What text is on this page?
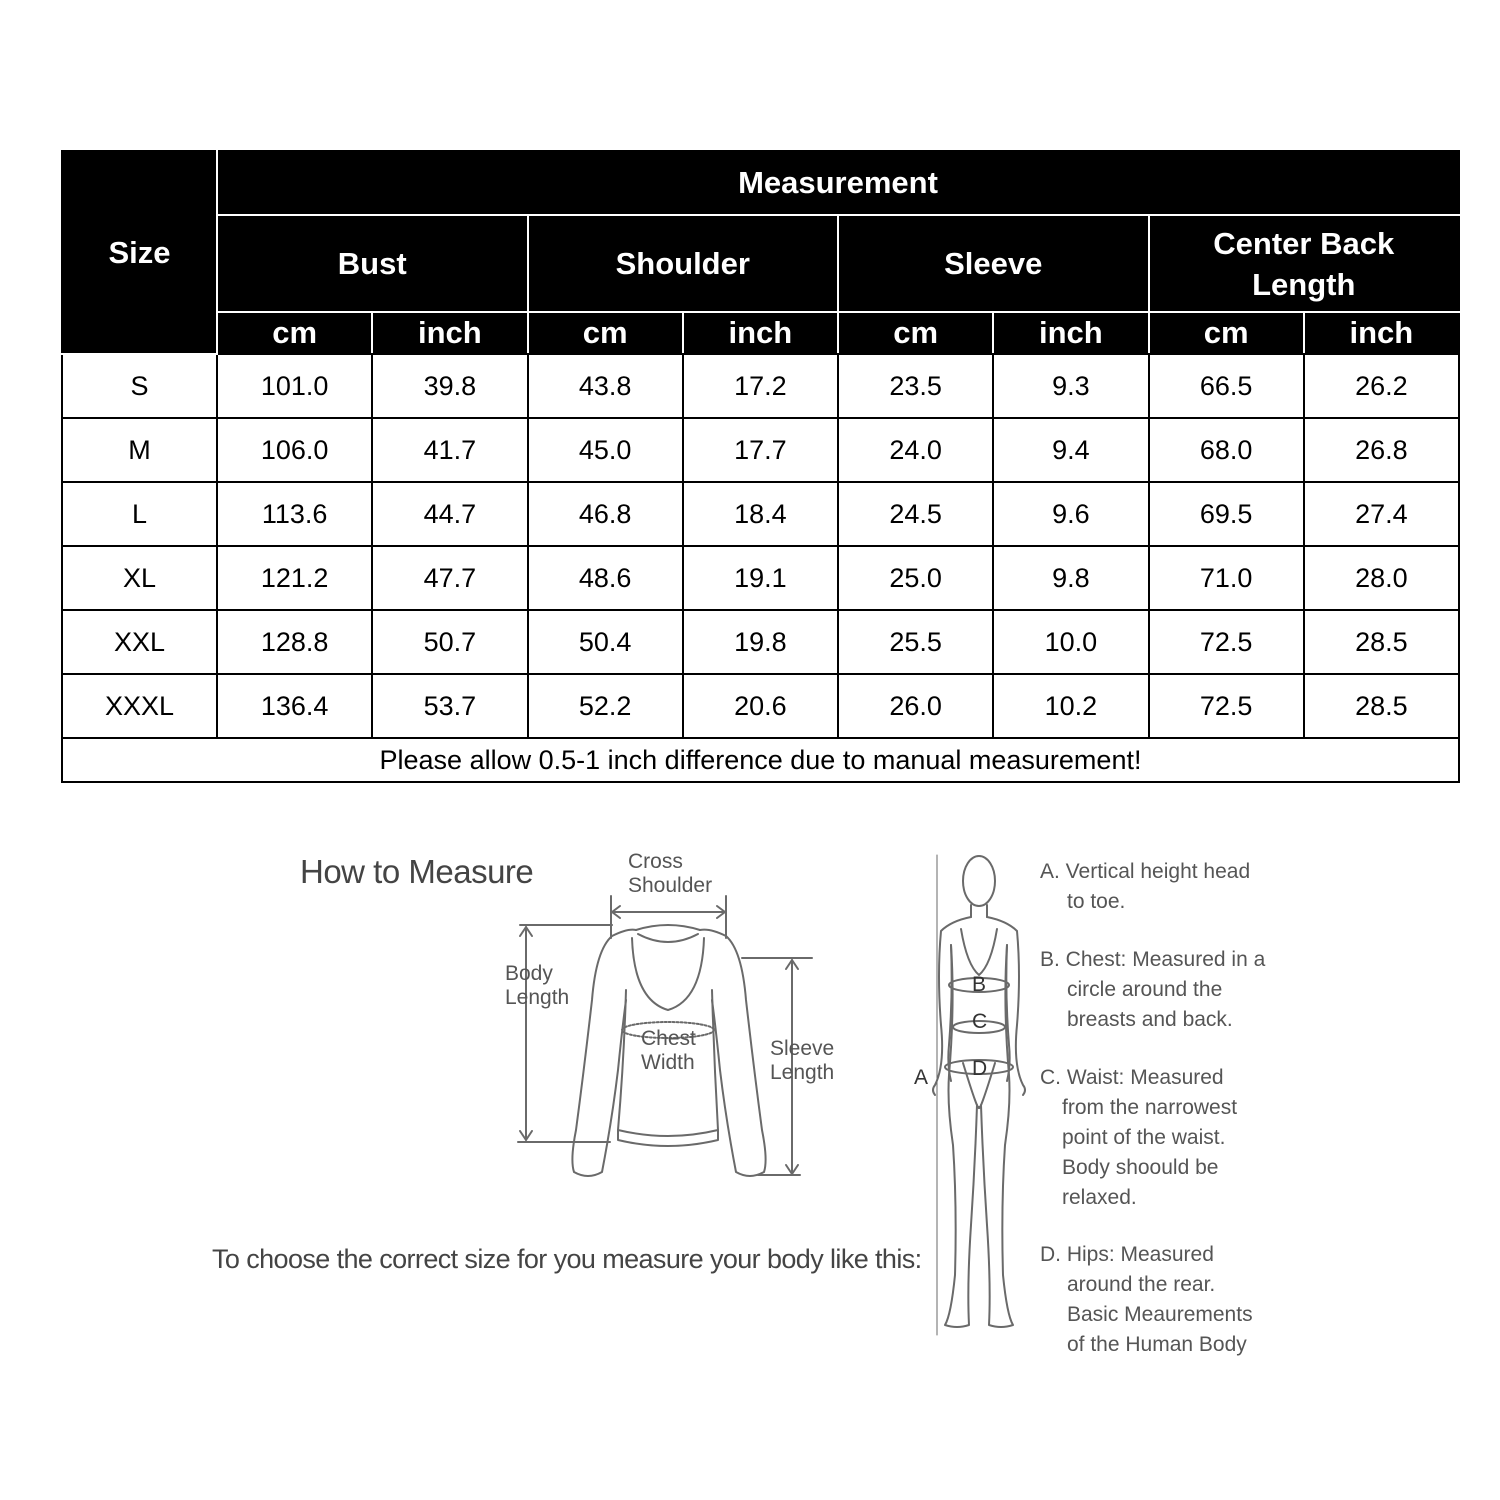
Size	Measurement							
	Bust		Shoulder		Sleeve		Center Back
Length	
	cm	inch	cm	inch	cm	inch	cm	inch
S	101.0	39.8	43.8	17.2	23.5	9.3	66.5	26.2
M	106.0	41.7	45.0	17.7	24.0	9.4	68.0	26.8
L	113.6	44.7	46.8	18.4	24.5	9.6	69.5	27.4
XL	121.2	47.7	48.6	19.1	25.0	9.8	71.0	28.0
XXL	128.8	50.7	50.4	19.8	25.5	10.0	72.5	28.5
XXXL	136.4	53.7	52.2	20.6	26.0	10.2	72.5	28.5
Please allow 0.5-1 inch difference due to manual measurement!								
How to Measure
To choose the correct size for you measure your body like this:
Cross
Shoulder
Body
Length
Chest
Width
Sleeve
Length
B
C
D
A
A. Vertical height head
to toe.
B. Chest: Measured in a
circle around the
breasts and back.
C. Waist: Measured
from the narrowest
point of the waist.
Body shoould be
relaxed.
D. Hips: Measured
around the rear.
Basic Meaurements
of the Human Body
